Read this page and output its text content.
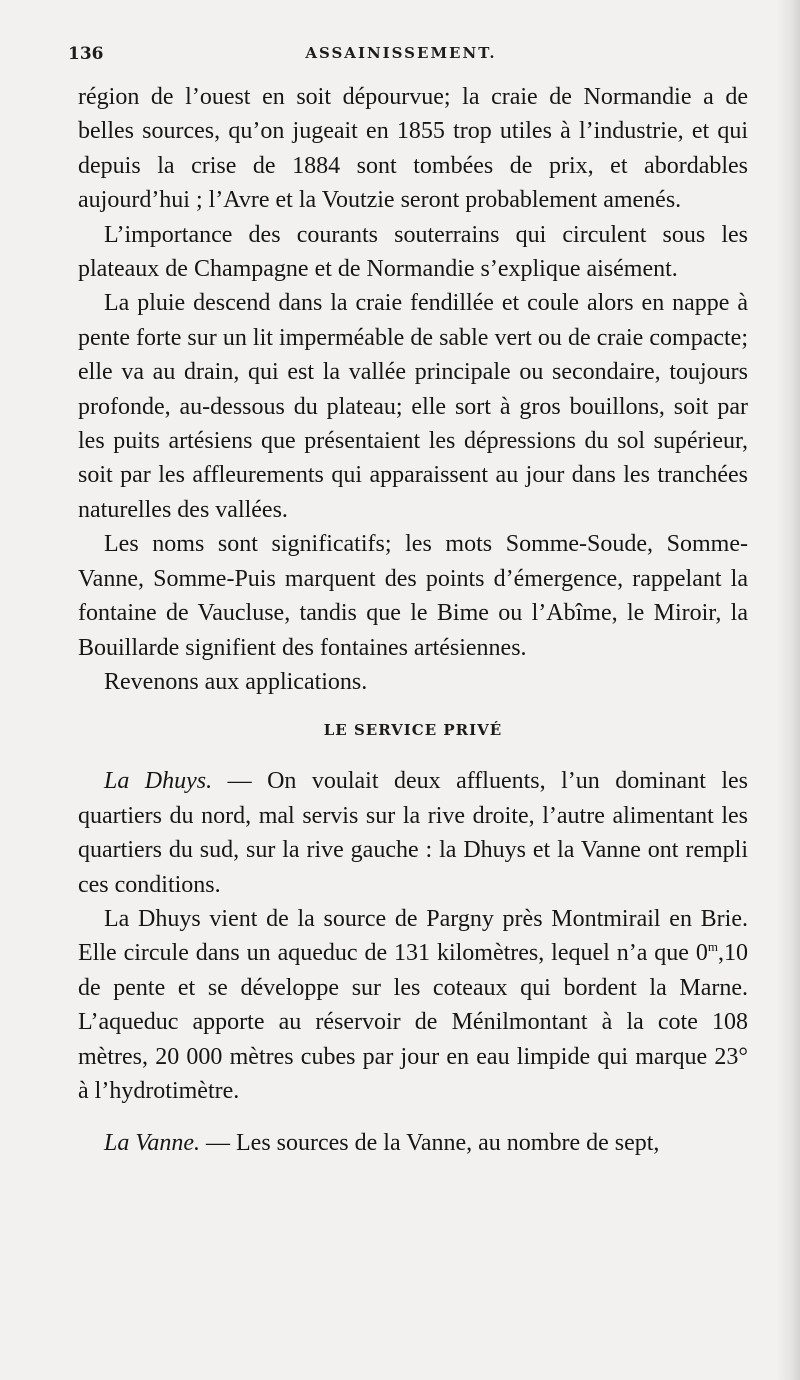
136	ASSAINISSEMENT.

région de l’ouest en soit dépourvue; la craie de Normandie a de belles sources, qu’on jugeait en 1855 trop utiles à l’industrie, et qui depuis la crise de 1884 sont tombées de prix, et abordables aujourd’hui ; l’Avre et la Voutzie seront probablement amenés.

L’importance des courants souterrains qui circulent sous les plateaux de Champagne et de Normandie s’explique aisément.

La pluie descend dans la craie fendillée et coule alors en nappe à pente forte sur un lit imperméable de sable vert ou de craie compacte; elle va au drain, qui est la vallée principale ou secondaire, toujours profonde, au-dessous du plateau; elle sort à gros bouillons, soit par les puits artésiens que présentaient les dépressions du sol supérieur, soit par les affleurements qui apparaissent au jour dans les tranchées naturelles des vallées.

Les noms sont significatifs; les mots Somme-Soude, Somme-Vanne, Somme-Puis marquent des points d’émergence, rappelant la fontaine de Vaucluse, tandis que le Bime ou l’Abîme, le Miroir, la Bouillarde signifient des fontaines artésiennes.

Revenons aux applications.

LE SERVICE PRIVÉ

La Dhuys. — On voulait deux affluents, l’un dominant les quartiers du nord, mal servis sur la rive droite, l’autre alimentant les quartiers du sud, sur la rive gauche : la Dhuys et la Vanne ont rempli ces conditions.

La Dhuys vient de la source de Pargny près Montmirail en Brie. Elle circule dans un aqueduc de 131 kilomètres, lequel n’a que 0$^m$,10 de pente et se développe sur les coteaux qui bordent la Marne. L’aqueduc apporte au réservoir de Ménilmontant à la cote 108 mètres, 20 000 mètres cubes par jour en eau limpide qui marque 23° à l’hydrotimètre.

La Vanne. — Les sources de la Vanne, au nombre de sept,
